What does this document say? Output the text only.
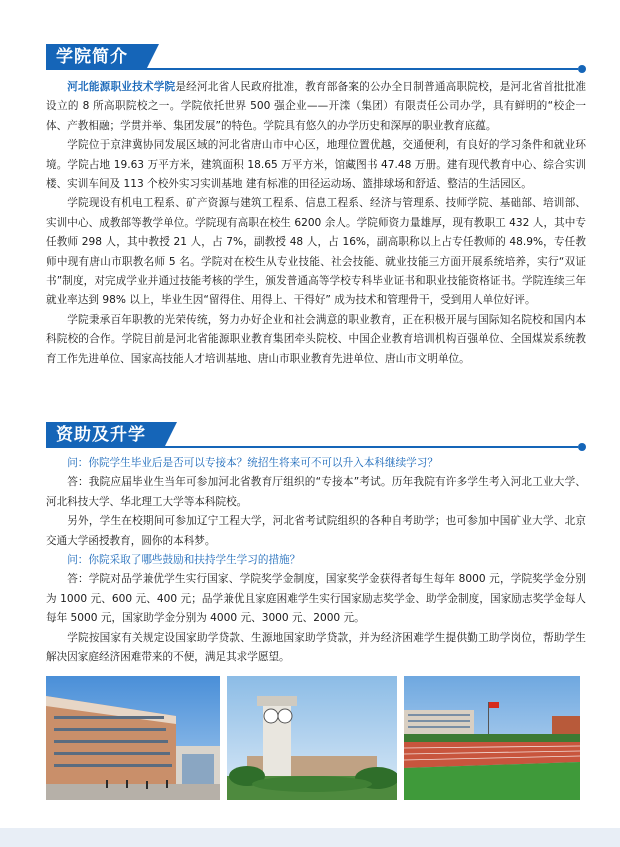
学院简介

河北能源职业技术学院是经河北省人民政府批准，教育部备案的公办全日制普通高职院校，是河北省首批批准设立的 8 所高职院校之一。学院依托世界 500 强企业——开滦（集团）有限责任公司办学，具有鲜明的“校企一体、产教相融；学贯并举、集团发展”的特色。学院具有悠久的办学历史和深厚的职业教育底蕴。

学院位于京津冀协同发展区域的河北省唐山市中心区，地理位置优越，交通便利，有良好的学习条件和就业环境。学院占地 19.63 万平方米，建筑面积 18.65 万平方米，馆藏图书 47.48 万册。建有现代教育中心、综合实训楼、实训车间及 113 个校外实习实训基地 建有标准的田径运动场、篮排球场和舒适、整洁的生活园区。

学院现设有机电工程系、矿产资源与建筑工程系、信息工程系、经济与管理系、技师学院、基础部、培训部、实训中心、成教部等教学单位。学院现有高职在校生 6200 余人。学院师资力量雄厚，现有教职工 432 人，其中专任教师 298 人，其中教授 21 人，占 7%，副教授 48 人，占 16%，副高职称以上占专任教师的 48.9%，专任教师中现有唐山市职教名师 5 名。学院对在校生从专业技能、社会技能、就业技能三方面开展系统培养，实行“双证书”制度，对完成学业并通过技能考核的学生，颁发普通高等学校专科毕业证书和职业技能资格证书。学院连续三年就业率达到 98% 以上，毕业生因“留得住、用得上、干得好” 成为技术和管理骨干，受到用人单位好评。

学院秉承百年职教的光荣传统，努力办好企业和社会满意的职业教育，正在积极开展与国际知名院校和国内本科院校的合作。学院目前是河北省能源职业教育集团牵头院校、中国企业教育培训机构百强单位、全国煤炭系统教育工作先进单位、国家高技能人才培训基地、唐山市职业教育先进单位、唐山市文明单位。

资助及升学

问：你院学生毕业后是否可以专接本？统招生将来可不可以升入本科继续学习？

答：我院应届毕业生当年可参加河北省教育厅组织的“专接本”考试。历年我院有许多学生考入河北工业大学、河北科技大学、华北理工大学等本科院校。

另外，学生在校期间可参加辽宁工程大学，河北省考试院组织的各种自考助学；也可参加中国矿业大学、北京交通大学函授教育，圆你的本科梦。

问：你院采取了哪些鼓励和扶持学生学习的措施？

答：学院对品学兼优学生实行国家、学院奖学金制度，国家奖学金获得者每生每年 8000 元，学院奖学金分别为 1000 元、600 元、400 元；品学兼优且家庭困难学生实行国家励志奖学金、助学金制度，国家励志奖学金每人每年 5000 元，国家助学金分别为 4000 元、3000 元、2000 元。

学院按国家有关规定设国家助学贷款、生源地国家助学贷款，并为经济困难学生提供勤工助学岗位，帮助学生解决因家庭经济困难带来的不便，满足其求学愿望。
